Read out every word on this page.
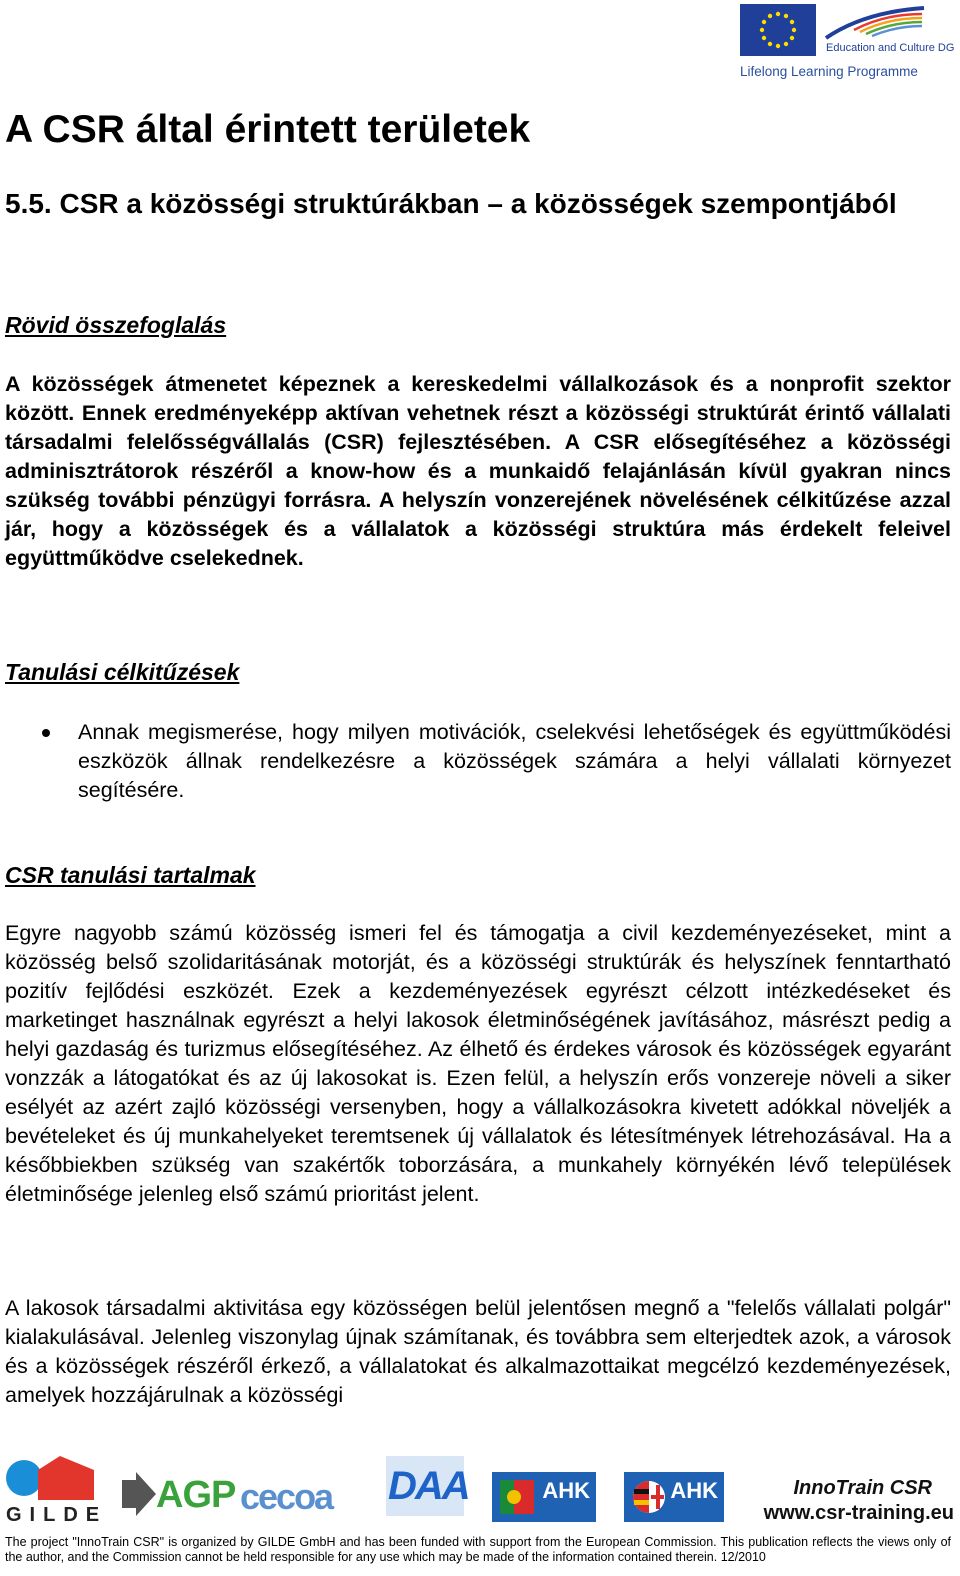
Education and Culture DG
Lifelong Learning Programme
A CSR által érintett területek
5.5. CSR a közösségi struktúrákban – a közösségek szempontjából
Rövid összefoglalás

A közösségek átmenetet képeznek a kereskedelmi vállalkozások és a nonprofit szektor között. Ennek eredményeképp aktívan vehetnek részt a közösségi struktúrát érintő vállalati társadalmi felelősségvállalás (CSR) fejlesztésében. A CSR elősegítéséhez a közösségi adminisztrátorok részéről a know-how és a munkaidő felajánlásán kívül gyakran nincs szükség további pénzügyi forrásra. A helyszín vonzerejének növelésének célkitűzése azzal jár, hogy a közösségek és a vállalatok a közösségi struktúra más érdekelt feleivel együttműködve cselekednek.

Tanulási célkitűzések
Annak megismerése, hogy milyen motivációk, cselekvési lehetőségek és együttműködési eszközök állnak rendelkezésre a közösségek számára a helyi vállalati környezet segítésére.
CSR tanulási tartalmak

Egyre nagyobb számú közösség ismeri fel és támogatja a civil kezdeményezéseket, mint a közösség belső szolidaritásának motorját, és a közösségi struktúrák és helyszínek fenntartható pozitív fejlődési eszközét. Ezek a kezdeményezések egyrészt célzott intézkedéseket és marketinget használnak egyrészt a helyi lakosok életminőségének javításához, másrészt pedig a helyi gazdaság és turizmus elősegítéséhez. Az élhető és érdekes városok és közösségek egyaránt vonzzák a látogatókat és az új lakosokat is. Ezen felül, a helyszín erős vonzereje növeli a siker esélyét az azért zajló közösségi versenyben, hogy a vállalkozásokra kivetett adókkal növeljék a bevételeket és új munkahelyeket teremtsenek új vállalatok és létesítmények létrehozásával. Ha a későbbiekben szükség van szakértők toborzására, a munkahely környékén lévő települések életminősége jelenleg első számú prioritást jelent.

A lakosok társadalmi aktivitása egy közösségen belül jelentősen megnő a "felelős vállalati polgár" kialakulásával. Jelenleg viszonylag újnak számítanak, és továbbra sem elterjedtek azok, a városok és a közösségek részéről érkező, a vállalatokat és alkalmazottaikat megcélzó kezdeményezések, amelyek hozzájárulnak a közösségi

GILDE AGP cecoa DAA	AHK	AHK	InnoTrain CSR
www.csr-training.eu

The project "InnoTrain CSR" is organized by GILDE GmbH and has been funded with support from the European Commission. This publication reflects the views only of the author, and the Commission cannot be held responsible for any use which may be made of the information contained therein. 12/2010
